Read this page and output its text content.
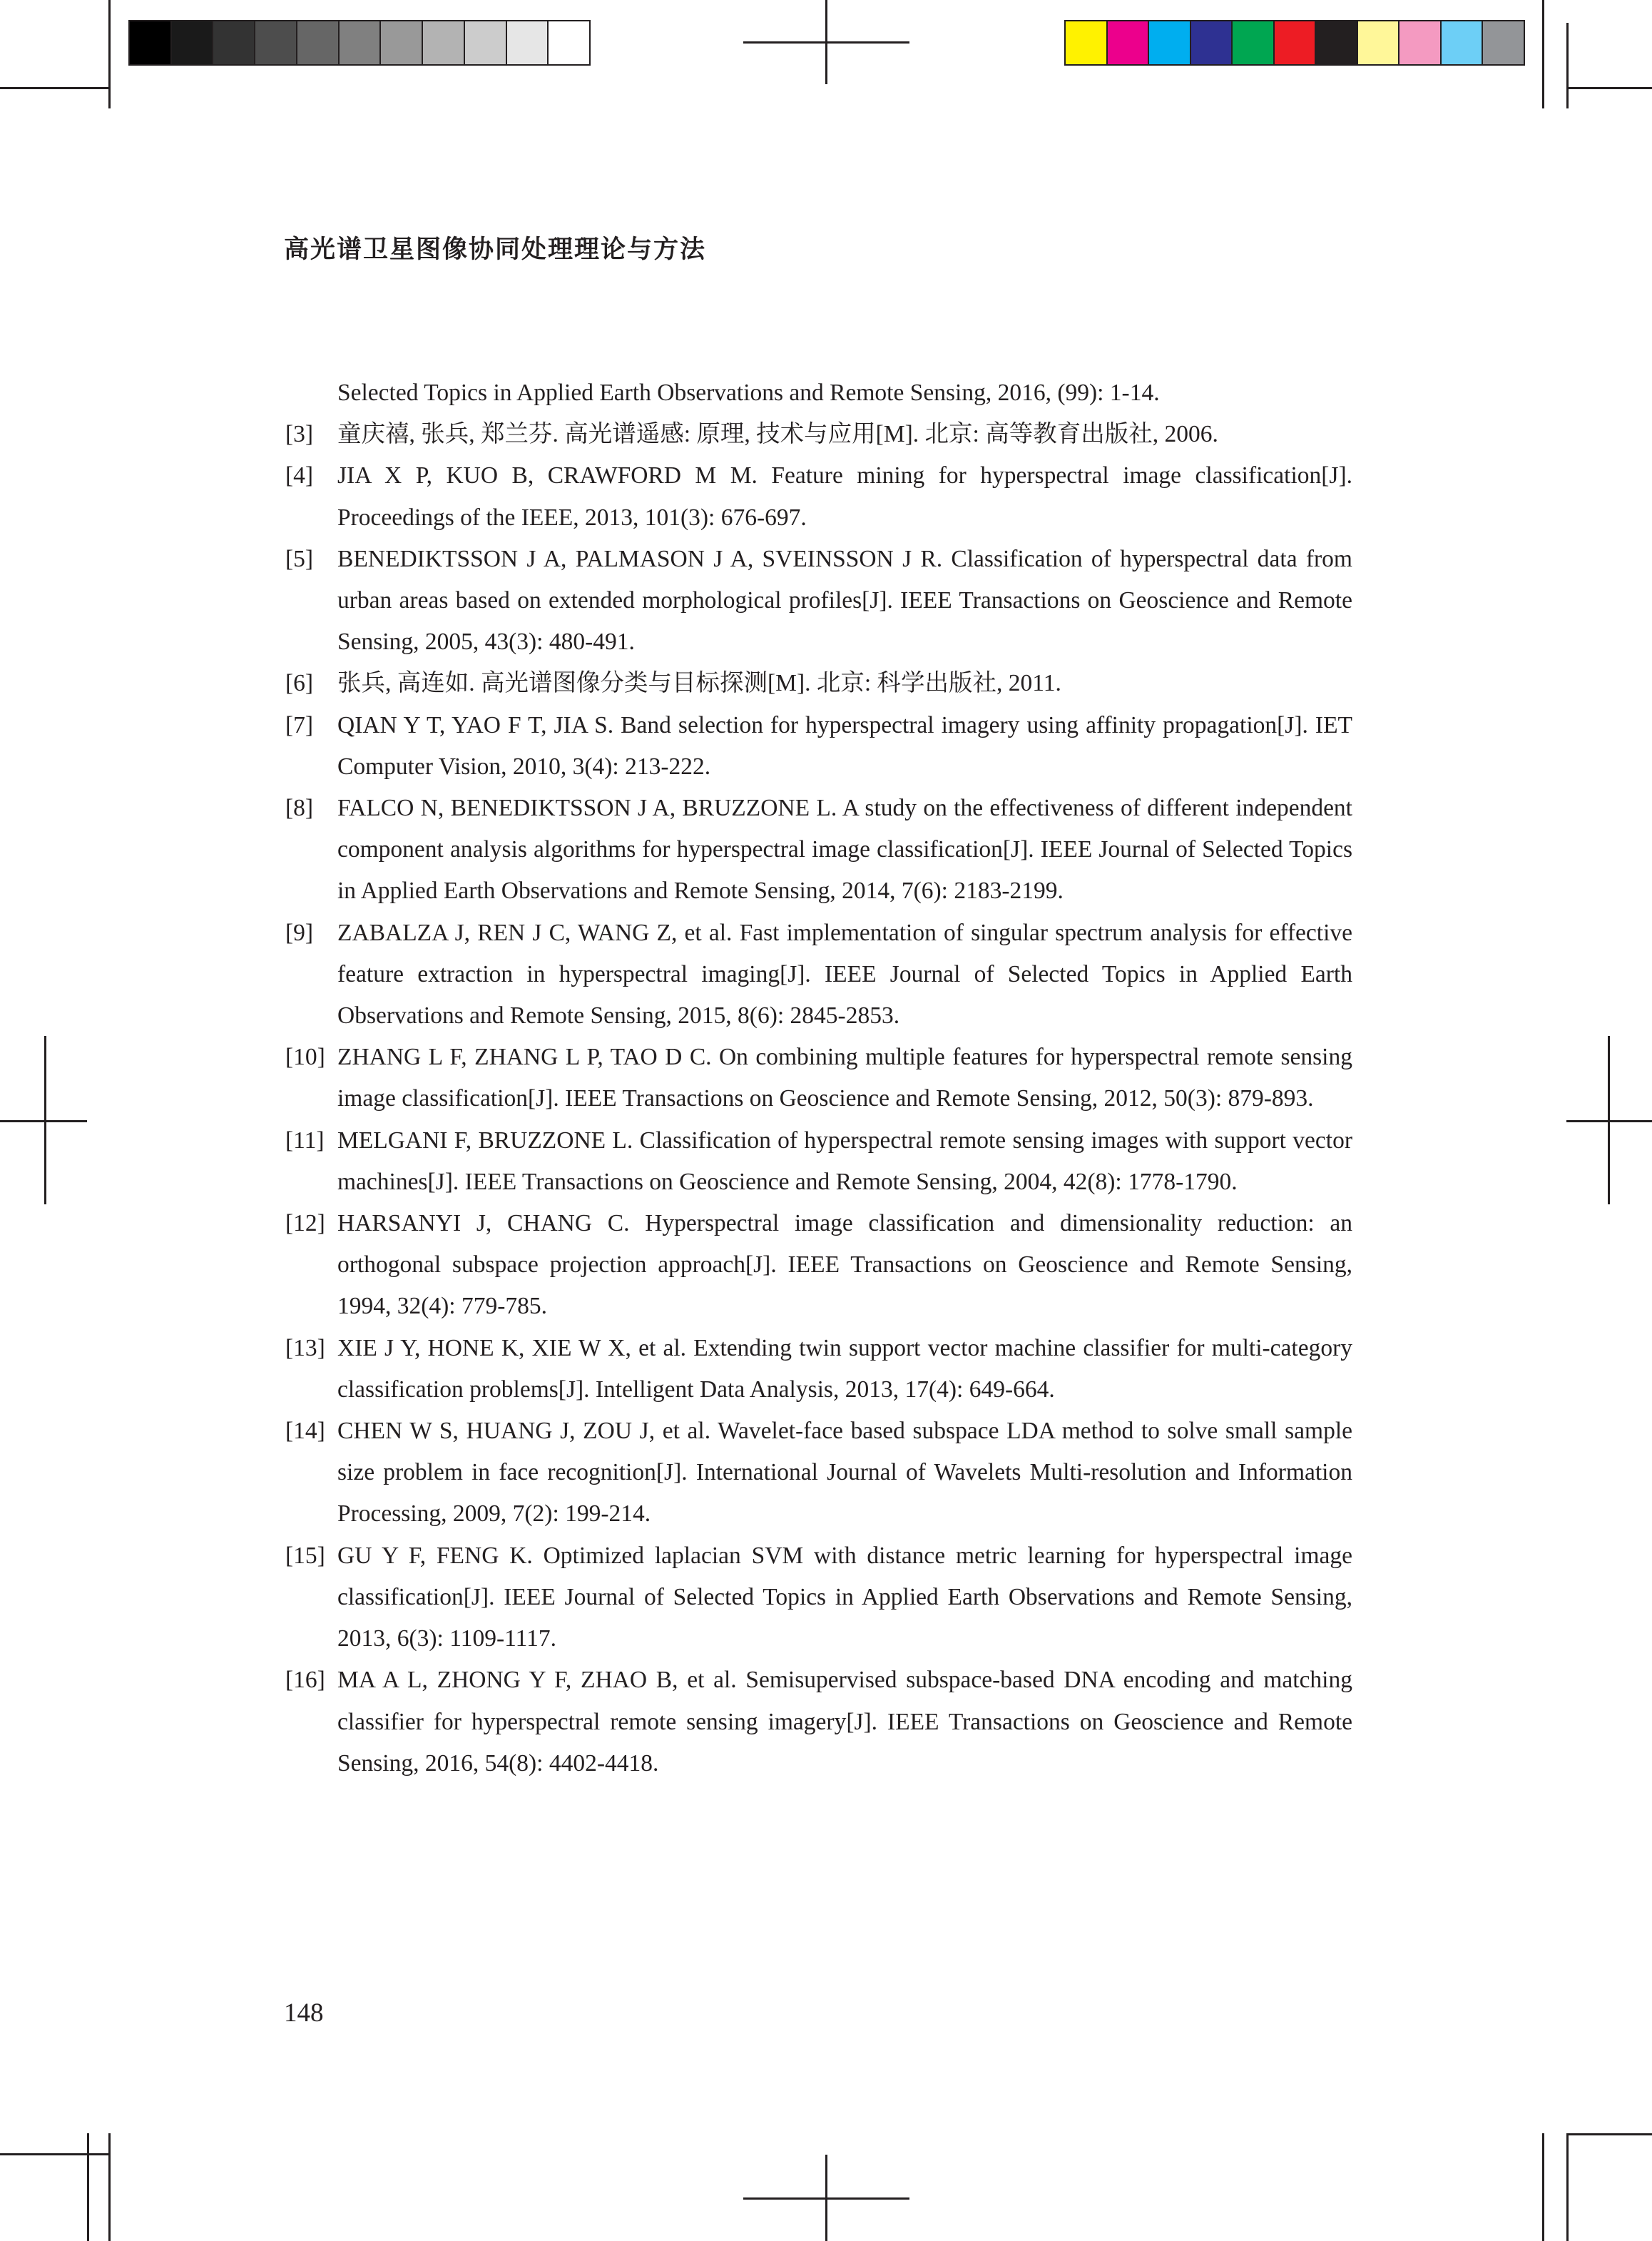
高光谱卫星图像协同处理理论与方法
Selected Topics in Applied Earth Observations and Remote Sensing, 2016, (99): 1-14.
[3] 童庆禧, 张兵, 郑兰芬. 高光谱遥感: 原理, 技术与应用[M]. 北京: 高等教育出版社, 2006.
[4] JIA X P, KUO B, CRAWFORD M M. Feature mining for hyperspectral image classification[J]. Proceedings of the IEEE, 2013, 101(3): 676-697.
[5] BENEDIKTSSON J A, PALMASON J A, SVEINSSON J R. Classification of hyperspectral data from urban areas based on extended morphological profiles[J]. IEEE Transactions on Geoscience and Remote Sensing, 2005, 43(3): 480-491.
[6] 张兵, 高连如. 高光谱图像分类与目标探测[M]. 北京: 科学出版社, 2011.
[7] QIAN Y T, YAO F T, JIA S. Band selection for hyperspectral imagery using affinity propagation[J]. IET Computer Vision, 2010, 3(4): 213-222.
[8] FALCO N, BENEDIKTSSON J A, BRUZZONE L. A study on the effectiveness of different independent component analysis algorithms for hyperspectral image classification[J]. IEEE Journal of Selected Topics in Applied Earth Observations and Remote Sensing, 2014, 7(6): 2183-2199.
[9] ZABALZA J, REN J C, WANG Z, et al. Fast implementation of singular spectrum analysis for effective feature extraction in hyperspectral imaging[J]. IEEE Journal of Selected Topics in Applied Earth Observations and Remote Sensing, 2015, 8(6): 2845-2853.
[10] ZHANG L F, ZHANG L P, TAO D C. On combining multiple features for hyperspectral remote sensing image classification[J]. IEEE Transactions on Geoscience and Remote Sensing, 2012, 50(3): 879-893.
[11] MELGANI F, BRUZZONE L. Classification of hyperspectral remote sensing images with support vector machines[J]. IEEE Transactions on Geoscience and Remote Sensing, 2004, 42(8): 1778-1790.
[12] HARSANYI J, CHANG C. Hyperspectral image classification and dimensionality reduction: an orthogonal subspace projection approach[J]. IEEE Transactions on Geoscience and Remote Sensing, 1994, 32(4): 779-785.
[13] XIE J Y, HONE K, XIE W X, et al. Extending twin support vector machine classifier for multi-category classification problems[J]. Intelligent Data Analysis, 2013, 17(4): 649-664.
[14] CHEN W S, HUANG J, ZOU J, et al. Wavelet-face based subspace LDA method to solve small sample size problem in face recognition[J]. International Journal of Wavelets Multi-resolution and Information Processing, 2009, 7(2): 199-214.
[15] GU Y F, FENG K. Optimized laplacian SVM with distance metric learning for hyperspectral image classification[J]. IEEE Journal of Selected Topics in Applied Earth Observations and Remote Sensing, 2013, 6(3): 1109-1117.
[16] MA A L, ZHONG Y F, ZHAO B, et al. Semisupervised subspace-based DNA encoding and matching classifier for hyperspectral remote sensing imagery[J]. IEEE Transactions on Geoscience and Remote Sensing, 2016, 54(8): 4402-4418.
148
